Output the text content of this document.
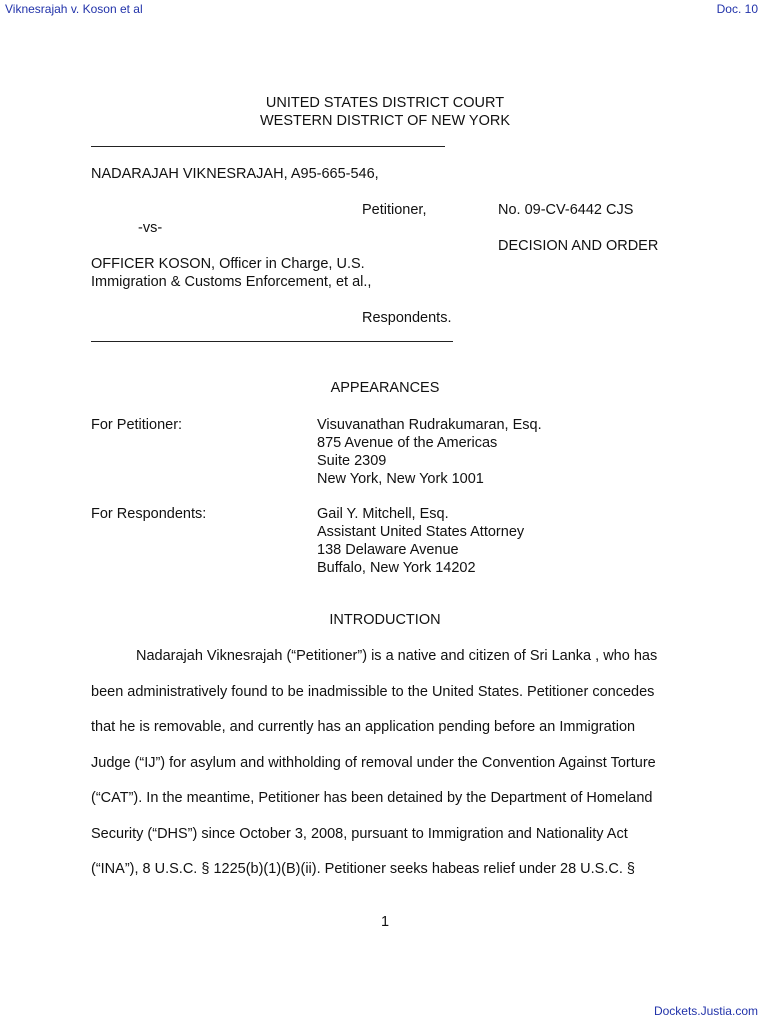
Viknesrajah v. Koson et al	Doc. 10
UNITED STATES DISTRICT COURT
WESTERN DISTRICT OF NEW YORK
NADARAJAH VIKNESRAJAH, A95-665-546,
Petitioner,	No. 09-CV-6442 CJS
-vs-
DECISION AND ORDER
OFFICER KOSON, Officer in Charge, U.S.
Immigration & Customs Enforcement, et al.,
Respondents.
APPEARANCES
For Petitioner:	Visuvanathan Rudrakumaran, Esq.
875 Avenue of the Americas
Suite 2309
New York, New York 1001
For Respondents:	Gail Y. Mitchell, Esq.
Assistant United States Attorney
138 Delaware Avenue
Buffalo, New York 14202
INTRODUCTION
Nadarajah Viknesrajah (“Petitioner”) is a native and citizen of Sri Lanka , who has
been administratively found to be inadmissible to the United States. Petitioner concedes
that he is removable, and currently has an application pending before an Immigration
Judge (“IJ”) for asylum and withholding of removal under the Convention Against Torture
(“CAT”). In the meantime, Petitioner has been detained by the Department of Homeland
Security (“DHS”) since October 3, 2008, pursuant to Immigration and Nationality Act
(“INA”), 8 U.S.C. § 1225(b)(1)(B)(ii). Petitioner seeks habeas relief under 28 U.S.C. §
1
Dockets.Justia.com
